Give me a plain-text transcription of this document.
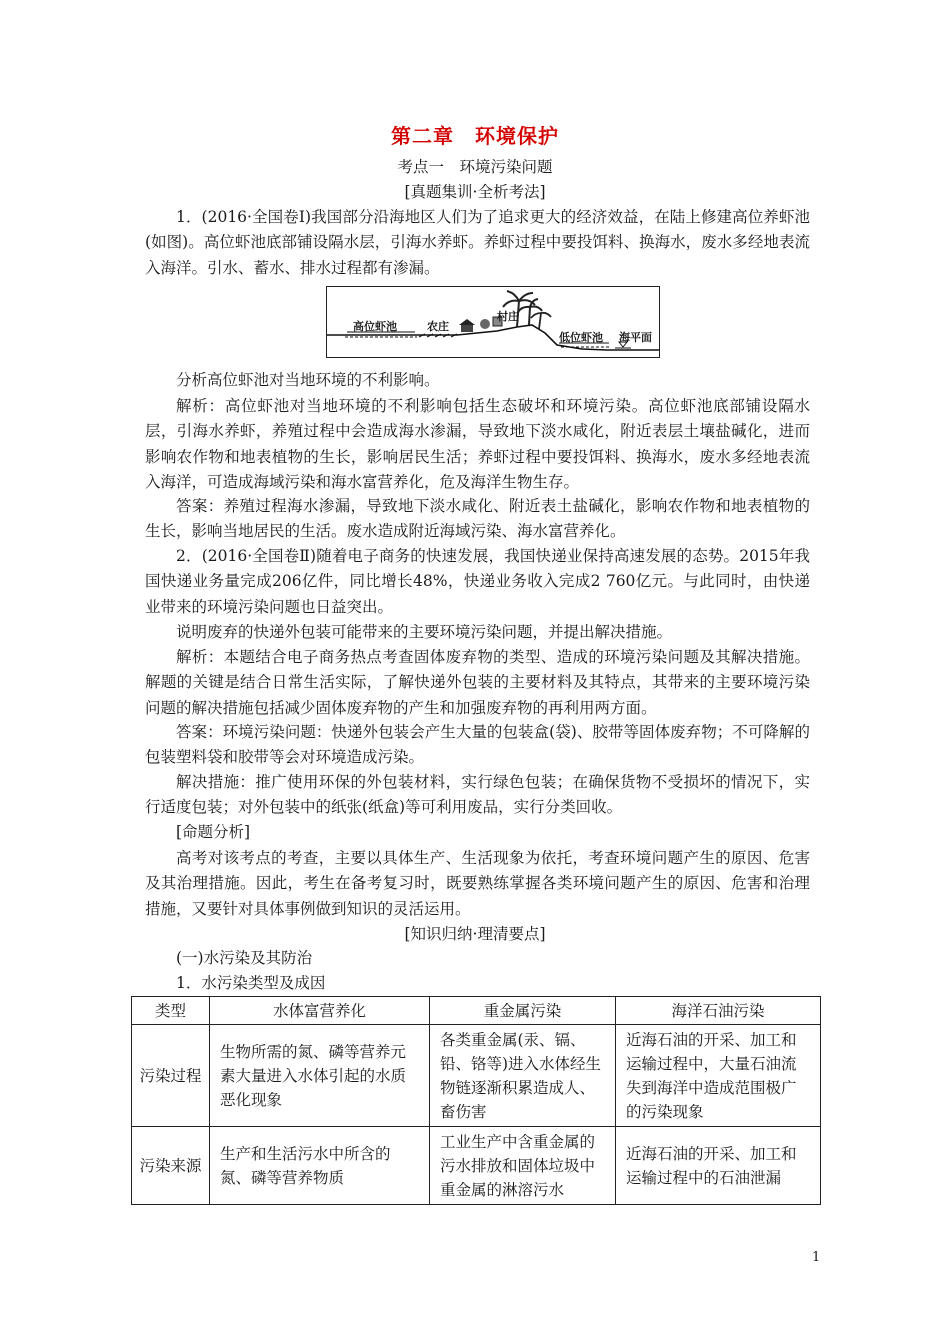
第二章　环境保护
考点一　环境污染问题
[真题集训·全析考法]

1．(2016·全国卷Ⅰ)我国部分沿海地区人们为了追求更大的经济效益，在陆上修建高位养虾池(如图)。高位虾池底部铺设隔水层，引海水养虾。养虾过程中要投饵料、换海水，废水多经地表流入海洋。引水、蓄水、排水过程都有渗漏。

高位虾池	农庄
村庄
低位虾池 海平面

分析高位虾池对当地环境的不利影响。

解析：高位虾池对当地环境的不利影响包括生态破坏和环境污染。高位虾池底部铺设隔水层，引海水养虾，养殖过程中会造成海水渗漏，导致地下淡水咸化，附近表层土壤盐碱化，进而影响农作物和地表植物的生长，影响居民生活；养虾过程中要投饵料、换海水，废水多经地表流入海洋，可造成海域污染和海水富营养化，危及海洋生物生存。

答案：养殖过程海水渗漏，导致地下淡水咸化、附近表土盐碱化，影响农作物和地表植物的生长，影响当地居民的生活。废水造成附近海域污染、海水富营养化。

2．(2016·全国卷Ⅱ)随着电子商务的快速发展，我国快递业保持高速发展的态势。2015年我国快递业务量完成206亿件，同比增长48%，快递业务收入完成2 760亿元。与此同时，由快递业带来的环境污染问题也日益突出。

说明废弃的快递外包装可能带来的主要环境污染问题，并提出解决措施。

解析：本题结合电子商务热点考查固体废弃物的类型、造成的环境污染问题及其解决措施。解题的关键是结合日常生活实际，了解快递外包装的主要材料及其特点，其带来的主要环境污染问题的解决措施包括减少固体废弃物的产生和加强废弃物的再利用两方面。

答案：环境污染问题：快递外包装会产生大量的包装盒(袋)、胶带等固体废弃物；不可降解的包装塑料袋和胶带等会对环境造成污染。

解决措施：推广使用环保的外包装材料，实行绿色包装；在确保货物不受损坏的情况下，实行适度包装；对外包装中的纸张(纸盒)等可利用废品，实行分类回收。

[命题分析]

高考对该考点的考查，主要以具体生产、生活现象为依托，考查环境问题产生的原因、危害及其治理措施。因此，考生在备考复习时，既要熟练掌握各类环境问题产生的原因、危害和治理措施，又要针对具体事例做到知识的灵活运用。

[知识归纳·理清要点]

(一)水污染及其防治

1．水污染类型及成因

类型	水体富营养化	重金属污染	海洋石油污染
污染过程	生物所需的氮、磷等营养元素大量进入水体引起的水质恶化现象	各类重金属(汞、镉、铅、铬等)进入水体经生物链逐渐积累造成人、畜伤害	近海石油的开采、加工和运输过程中，大量石油流失到海洋中造成范围极广的污染现象
污染来源	生产和生活污水中所含的氮、磷等营养物质	工业生产中含重金属的污水排放和固体垃圾中重金属的淋溶污水	近海石油的开采、加工和运输过程中的石油泄漏
1
